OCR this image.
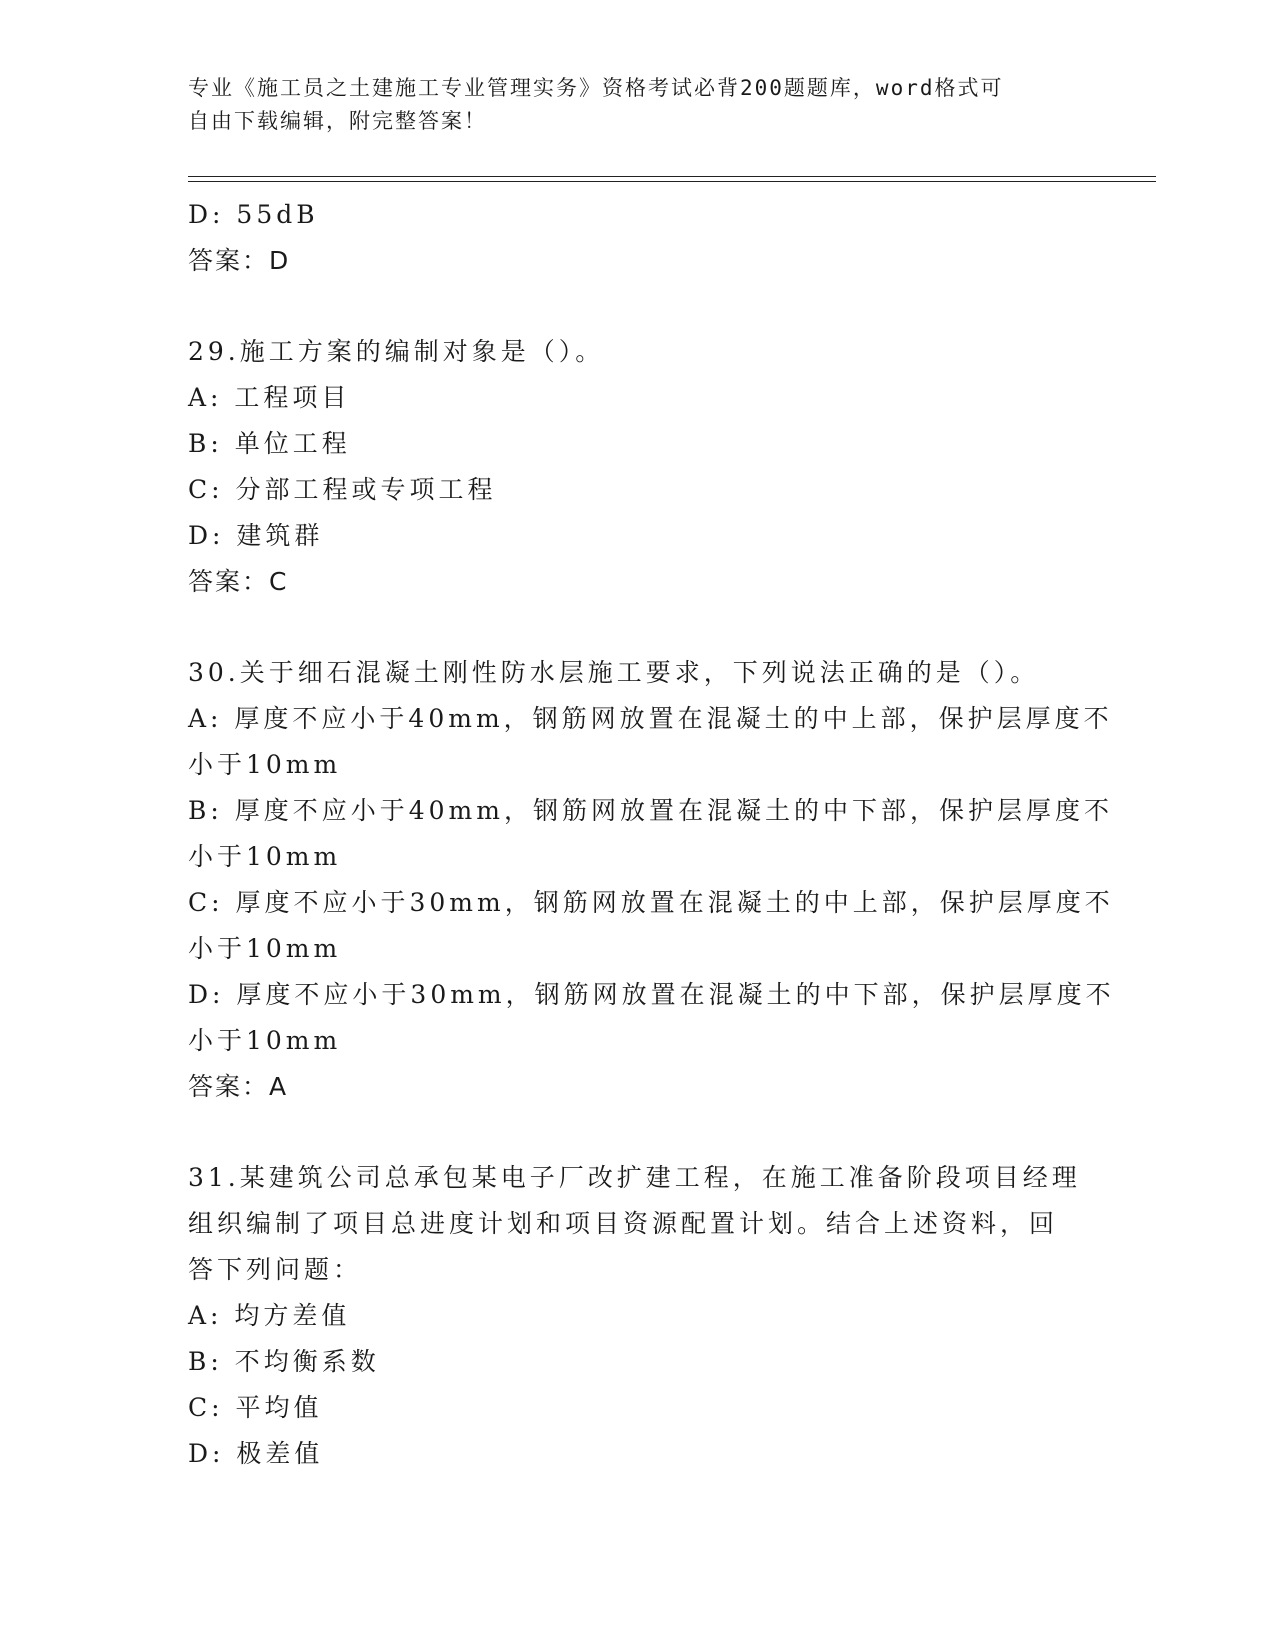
专业《施工员之土建施工专业管理实务》资格考试必背200题题库，word格式可
自由下载编辑，附完整答案！
D: 55dB
答案：D
29.施工方案的编制对象是（）。
A: 工程项目
B: 单位工程
C: 分部工程或专项工程
D: 建筑群
答案：C
30.关于细石混凝土刚性防水层施工要求，下列说法正确的是（）。
A: 厚度不应小于40mm，钢筋网放置在混凝土的中上部，保护层厚度不
小于10mm
B: 厚度不应小于40mm，钢筋网放置在混凝土的中下部，保护层厚度不
小于10mm
C: 厚度不应小于30mm，钢筋网放置在混凝土的中上部，保护层厚度不
小于10mm
D: 厚度不应小于30mm，钢筋网放置在混凝土的中下部，保护层厚度不
小于10mm
答案：A
31.某建筑公司总承包某电子厂改扩建工程，在施工准备阶段项目经理
组织编制了项目总进度计划和项目资源配置计划。结合上述资料，回
答下列问题：
A: 均方差值
B: 不均衡系数
C: 平均值
D: 极差值
